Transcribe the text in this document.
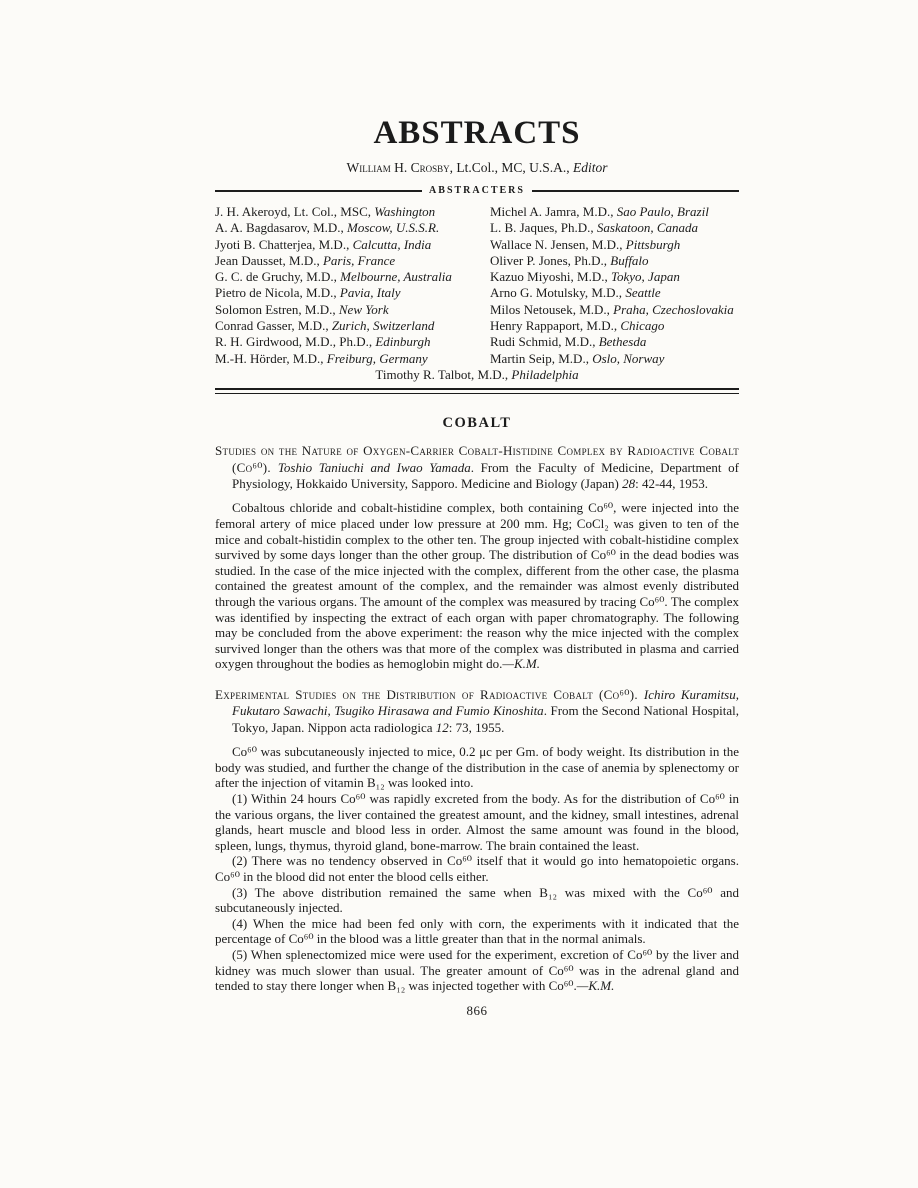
ABSTRACTS
William H. Crosby, Lt.Col., MC, U.S.A., Editor
ABSTRACTERS
J. H. Akeroyd, Lt. Col., MSC, Washington
A. A. Bagdasarov, M.D., Moscow, U.S.S.R.
Jyoti B. Chatterjea, M.D., Calcutta, India
Jean Dausset, M.D., Paris, France
G. C. de Gruchy, M.D., Melbourne, Australia
Pietro de Nicola, M.D., Pavia, Italy
Solomon Estren, M.D., New York
Conrad Gasser, M.D., Zurich, Switzerland
R. H. Girdwood, M.D., Ph.D., Edinburgh
M.-H. Hörder, M.D., Freiburg, Germany
Michel A. Jamra, M.D., Sao Paulo, Brazil
L. B. Jaques, Ph.D., Saskatoon, Canada
Wallace N. Jensen, M.D., Pittsburgh
Oliver P. Jones, Ph.D., Buffalo
Kazuo Miyoshi, M.D., Tokyo, Japan
Arno G. Motulsky, M.D., Seattle
Milos Netousek, M.D., Praha, Czechoslovakia
Henry Rappaport, M.D., Chicago
Rudi Schmid, M.D., Bethesda
Martin Seip, M.D., Oslo, Norway
Timothy R. Talbot, M.D., Philadelphia
COBALT

Studies on the Nature of Oxygen-Carrier Cobalt-Histidine Complex by Radioactive Cobalt (Co⁶⁰). Toshio Taniuchi and Iwao Yamada. From the Faculty of Medicine, Department of Physiology, Hokkaido University, Sapporo. Medicine and Biology (Japan) 28: 42-44, 1953.

Cobaltous chloride and cobalt-histidine complex, both containing Co⁶⁰, were injected into the femoral artery of mice placed under low pressure at 200 mm. Hg; CoCl₂ was given to ten of the mice and cobalt-histidin complex to the other ten. The group injected with cobalt-histidine complex survived by some days longer than the other group. The distribution of Co⁶⁰ in the dead bodies was studied. In the case of the mice injected with the complex, different from the other case, the plasma contained the greatest amount of the complex, and the remainder was almost evenly distributed through the various organs. The amount of the complex was measured by tracing Co⁶⁰. The complex was identified by inspecting the extract of each organ with paper chromatography. The following may be concluded from the above experiment: the reason why the mice injected with the complex survived longer than the others was that more of the complex was distributed in plasma and carried oxygen throughout the bodies as hemoglobin might do.—K.M.

Experimental Studies on the Distribution of Radioactive Cobalt (Co⁶⁰). Ichiro Kuramitsu, Fukutaro Sawachi, Tsugiko Hirasawa and Fumio Kinoshita. From the Second National Hospital, Tokyo, Japan. Nippon acta radiologica 12: 73, 1955.

Co⁶⁰ was subcutaneously injected to mice, 0.2 μc per Gm. of body weight. Its distribution in the body was studied, and further the change of the distribution in the case of anemia by splenectomy or after the injection of vitamin B₁₂ was looked into.

(1) Within 24 hours Co⁶⁰ was rapidly excreted from the body. As for the distribution of Co⁶⁰ in the various organs, the liver contained the greatest amount, and the kidney, small intestines, adrenal glands, heart muscle and blood less in order. Almost the same amount was found in the blood, spleen, lungs, thymus, thyroid gland, bone-marrow. The brain contained the least.

(2) There was no tendency observed in Co⁶⁰ itself that it would go into hematopoietic organs. Co⁶⁰ in the blood did not enter the blood cells either.

(3) The above distribution remained the same when B₁₂ was mixed with the Co⁶⁰ and subcutaneously injected.

(4) When the mice had been fed only with corn, the experiments with it indicated that the percentage of Co⁶⁰ in the blood was a little greater than that in the normal animals.

(5) When splenectomized mice were used for the experiment, excretion of Co⁶⁰ by the liver and kidney was much slower than usual. The greater amount of Co⁶⁰ was in the adrenal gland and tended to stay there longer when B₁₂ was injected together with Co⁶⁰.—K.M.

866
